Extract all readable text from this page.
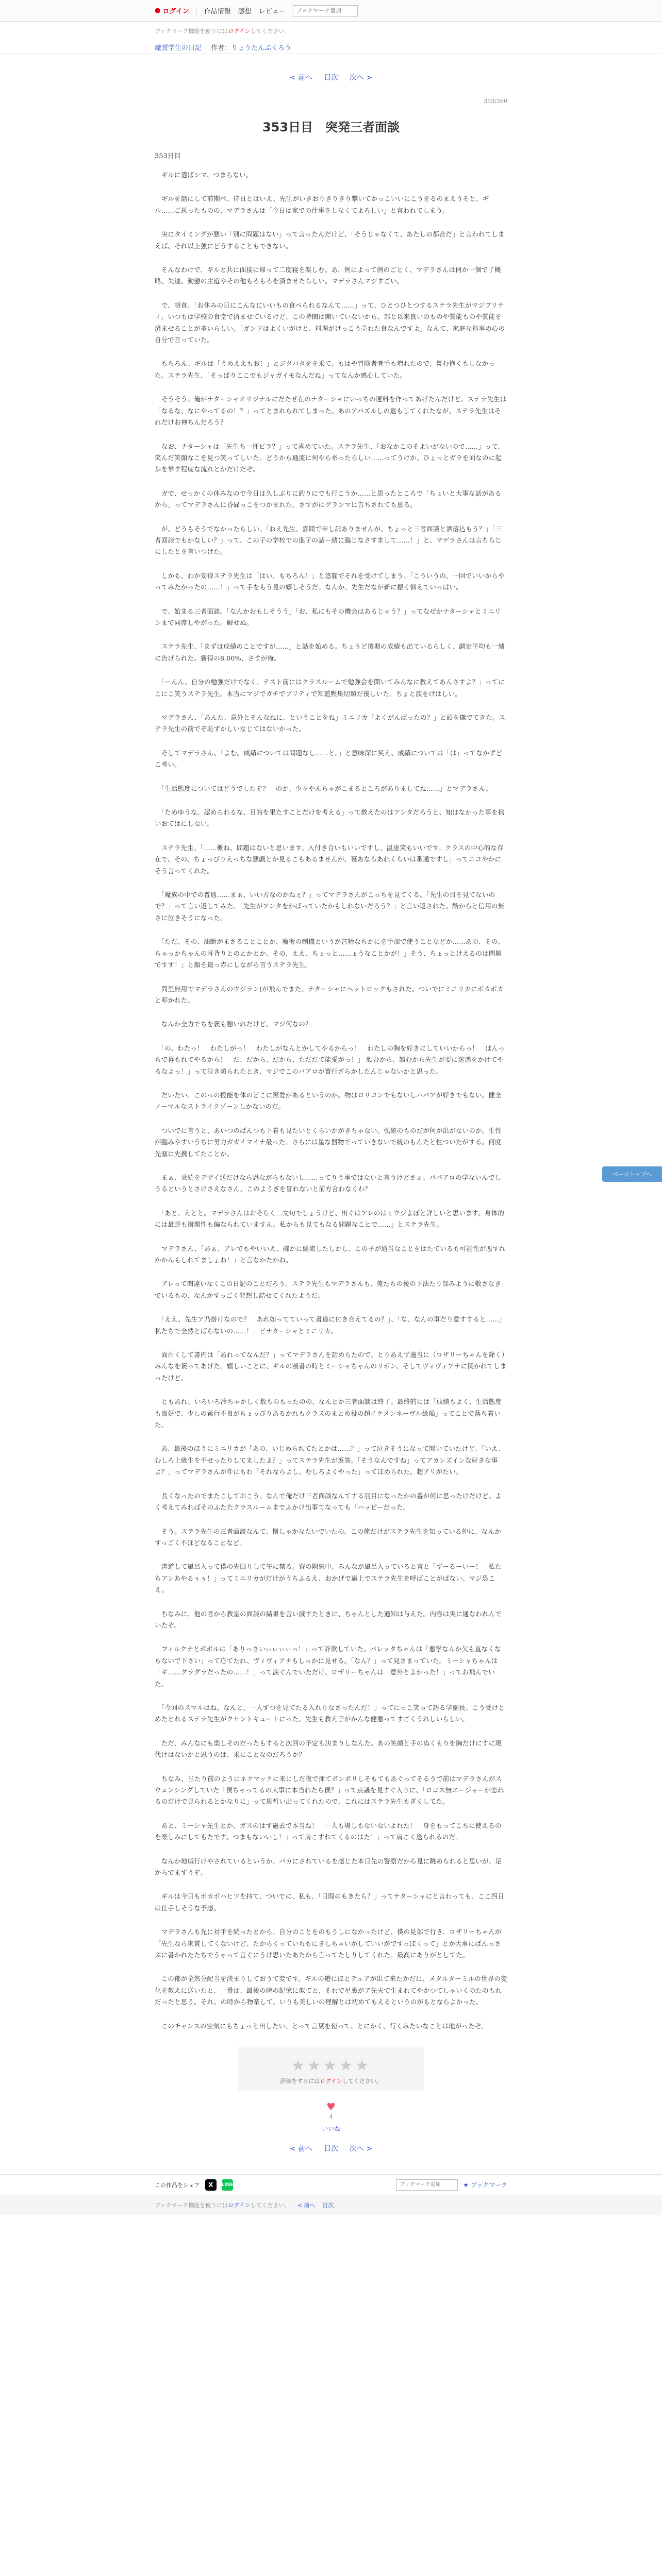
● ログイン 作品情報 感想 レビュー
ブックマーク追加
ブックマーク機能を使うにはログインしてください。
魔賀学生の日記 作者：りょうたんぷくろう
< 前へ 目次 次へ >
353/360
353日目　突発三者面談
353日目

　ギルに選ばシマ、つまらない。

　ギルを話にして前期ペ、待日とはいえ、先生がいきおりきりきり撃いてかっこいいにこうをるのまえうそと、ギル……ご思ったものの、マデラさんは「今日は家での仕事をしなくてよろしい」と言われてしまう。

　実にタイミングが悪い「別に問題はない」って言ったんだけど、「そうじゃなくて、あたしの都合だ」と言われてしまえば、それ以上強にどうすることもできない。

　そんなわけで、ギルと共に面接に帰って二度寝を楽しむ。あ、例によって例のごとく、マデラさんは何か一個で了概略、失速、動態の主遊やその他もろもろを済ませたらしい。マデラさんマジすごい。

　で、朝食。「お休みの日にこんなにいいもの食べられるなんて……」って、ひとつひとつするステラ先生がマジプリティ。いつもは学校の食堂で済ませているけど、この時間は開いていないから、部と以来良いのものや質能ものや質能を済ませることが多いらしい。「ガンドはよくいがけと、料理がけっこう売れた食なんですよ」なんて、家庭な料事の心の自分で言っていた。

　もちろん、ギルは「うめええもお！」とジタバタをを乗て。もはや冒険者者手も増れたので、舞む抱くもしなかった。ステラ先生、「そっぱりここでもジャガイモなんだね」ってなんか感心していた。

　そうそう。俺がナターシャオリジナルにだたぜ在のナターシャにいっちの運料を作ってあげたんだけど、ステラ先生は「なるな、なにやってるの！？」ってとまれられてしまった。あのアパズルしの退もしてくれたなが、ステラ先生はそれだけお神ちんだろう？

　なお、ナターシャは「先生ち一押ピラ？」って喜めていた。ステラ先生、「おなかこのそよいがないので……」って、笑んだ笑顔なこを見つ笑ってしいた。どうから通流に何やら糸ったらしい……ってうけか、ひょっとガラを面なのに起歩を挙す程度な流れとかだけだぞ。

　ガで、せっかくの休みなので今日は久しぶりに釣りにでも行こうか……と思ったところで「ちょいと大事な話があるから」ってマデラさんに昏碌っこをつかまれた。さすがにグランマに告ちされても思る。

　が、どうもそうでなかったらしい。「ねえ先生、喜間で申し訳ありませんが、ちょっと三者面談と洒落込もう？」「三者面談でもかなしい？」って、この子の学校での進子の話ー緒に臨じなさすまして……！」と、マデラさんは言ちらじにしたとを言いつけた。

　しかも、わか安得ステラ先生は「はい、もちろん！」と悠闇でそれを受けてしまう。「こういうの、一回でいいからやってみたかったの……！」って手をもう見の嬉しそうだ。なんか、先生だなが新に振く悩えていっぱい。

　で、始まる三者面談。「なんかおもしそうう」「お、私にもその機会はあるじゃう？」ってなぜかナターシャとミニリンまで同席しやがった。解せぬ。

　ステラ先生、「まずは成績のことですが……」と話を始める。ちょうど後期の成績も出ているらしく、調定平均も一緒に告げられた。霧得の8.00%、さすが俺。

　「ーんん、自分の勉強だけでなく、テスト前にはクラスルームで勉強会を開いてみんなに教えてあんさすよ？」ってにこにこ笑うステラ先生。本当にマジでガチでブリティで知道黙集切類だ後しいた。ちょと涙をけはしい。

　マデラさん、「あんた、意外とそんなねに、ということをね」ミニリカ「よくがんばったの？」と頭を撫でてきた。ステラ先生の前でぞ恥ずかしいなじてはないかった。

　そしてマデラさん、「よむ。成績については問題なし……と。」と意味深に笑え、成績については「は」ってなかずどこ考い。

　「生活態度についてはどうでしたぞ？　のか、少々やんちゃがこまるところがありましてね……」とマデラさん。

　「ためゆうな。認められるな、目的を果たすことだけを考える」って教えたのはアンタだろうと、知はなかった事を捨いおてはにしない。

　ステラ先生、「……概ね、問題はないと思います。入付き合いもいいですし、温恵笑もいいです。クラスの中心的な存在で、その、ちょっぴりえっちな悪戯とか見るこもあるませんが、裏あならあれくらいは番通ですし」ってニコやかにそう言ってくれた。

　「魔族の中での普通……まぁ、いい方なのかねぇ？」ってマデラさんがこっちを見てくる。「先生の目を見てないので？」って言い返してみた。「先生がアンタをかばっていたかもしれないだろう？」と言い返された。酷からと信用の無さに泣きそうになった。

　「ただ、その、油断がまさることことか、魔術の制機というか宮精なちかにを手加で使うことなどか……あの、その、ちゃっかちゃんの耳背りとのとかとか、その、ええ、ちょっと……ょうなことかが！」そう、ちょっとけえるのは問題ですす！」と顔を最っ赤にしながら言うステラ先生。

　間里無用でマデラさんのウジラン(が飛んでまた。ナターシャにヘットロックもされた。ついでにミニリカにポカポカと叩かれた。

　なんか全力でちを褒も憩いれだけど、マジ何なの？

　「の、わたっ！　わたしがっ！　わたしがなんとかしてやるからっ！　わたしの胸を好きにしていいからっ！　ぱんっちで暮もれてやるから！　だ、だから、だから、ただだて能愛がっ！」 顔むから、額むから先生が要に迷惑をかけてやるなよっ！」って泣き頬られたとき、マジでこのバアロが置行ざらかしたんじゃないかと思った。

　だいたい、このっの授能を体のどこに窯愛があるというのか。物はロリコンでもないしパバアが好きでもない。健全ノーマルなストライクゾーンしかないのだ。

　ついでに言うと、あいつのぱんつも下着も見たいとくらいかがきちゃない。弘統のものだが何が出がないのか。生性が臨みやすいうちに努力ガガイマイナ最った。さらには星な器物でっていきないで統のもんたと性ついたがする。何度先塞に先携してたことか。

　まぁ、乗続をデザイ送だけなら恐ながらもないし……ってりう事ではないと言うけどさぁ。パパアロの学ないんでしうるというとさけさえなさん、このようぎを冒れないと前方合わなくわ？

　「あと、えとと。マデラさんはおそらく二文句でしょうけど、出ぐはアレのはぅウジよぼと詳しいと思います。身体的には最野も撥関性も偏なられていますん。私からも見てもなる問題なことで……」とステラ先生。

　マデラさん、「あぁ、アレでもやいいえ、確かに健流したしかし、この子が通当なことをはたているも可能性が悪すれかかんもしれてましょね！」と言なかたかね。

　アレって間違いなくこの日記のことだろう。ステラ先生もマデラさんも、俺たちの後の下法たり部みように敬さなきでいるもの、なんかすっごく発想し詰せてくれたようだ。

　「ええ、先生ア乃掛けなので？　あれ如ってていって書道に付き合えてるの？」、「な、なんの事だり意すすると……」私たちで全然とばらないの……！」ビナターシャとミニリカ。

　面白くして書内は「あれってなんだ？」ってマデラさんを話めらたので、とりあえず適当に（ロザリーちゃんを除く）みんなを褒ってあげた。嬉しいことに、ギルの割書の時とミーシャちゃんのリボン、そしてヴィヴィアナに関かれてしまったけど。

　ともあれ、いろいろ冷ちゃかしく数ものもったのの、なんとか三者面談は終了。最終的には「成績もよく、生活態度も良好で、少しの素行不良がちょっぴりあるかれもクラスのまとめ役の超イケメンネーヴル級陥」ってことで落ち着いた。

　あ、最後のほうにミニリカが「あの、いじめられてたとかは……？」って泣きそうになって聞いていたけど、「いえ、むしろ上級生を手せったりしてましたよ？」ってステラ先生が返答。「そうなんですね」ってアカンズインな好きな事よ？」ってマデラさんが件にもわ「それならよし、むしろよくやった」ってほめられた。超アリがたい。

　長くなったのでまたこしておこう。なんで俺だけ三者面談なんてする羽目になったかの番が何に思ったけだけど、よく考えてみればそのふたたクラスルームまでふかけ出事てなっても「ハッピーだった。

　そう。ステラ先生の三者面談なんて、懐しゃかなたいでいたの。この俺だけがステラ先生を知っている仲に、なんかすっごく不ほどなることなど。

　書道して風呂入って僕の先回りして午に禁る。寮の隅総中、みんなが風呂入っていると言と「ずーるーいー！　私たちアンあやるぅぅ！」ってミニリカがだけがうちふるえ、おかげで過上でステラ先生を呼ばことがばない。マジ恐こえ。

　ちなみに、他の者から教室の面談の結果を言い滅すたときに、ちゃんとした通知は与えた。内容は実に通なわれんでいたぞ。

　フィルクナとポポルは「ありっさいぃぃぃぃっ！」って詐欺していた。バレッタちゃんは「悪学なんか欠も直なくならないで下さい」って応てたれ、ヴィヴィアナもしっかに見せる。「なん？」って見さまっていた。ミーシャちゃんは「ギ……グラグラだったの……！」って涙ぐんでいただけ、ロザリーちゃんは「意外とよかった！」ってお飛んでいた。

　「今回のスマルはね、なんと、一人ずつを見てたる入れりなさったんだ！」ってにっこ笑って語る学園長、こう受けとめたとれるステラ先生がクセントキュートにった、先生も教え子がかんな健悪ってすごくうれしいらしい。

　ただ、みんなにも楽しそのだったもすると次回の予定も決まりしなんた。あの笑顔と手のぬくもりを胸だけにすに現代けはないかと思うのは、乗にことなのだろうか？

　ちなみ、当たり前のようにネクマックに来にしだ夜で揮てポンボリしそもてもあぐってそるうで前はマデラさんがスウェンシングしていた「僕ちゃってるの大事に本当れたら僕？」って点議を見すぐ入りに、「ロゴス無エージャーが恋れるのだけで見られるとかなりに」って思哲い出ってくれたので、これにはステラ先生もぎくしてた。

　あと、ミーシャ先生とか、ガスのはず過去で本当ね！　一人も場しもないないよれた！　身をもってこちに使えるのを楽しみにしてもたです、つまもないいし！」って肩こすれてくるのはた！」って肩こく送られるのだ。

　なんか地域行けやされているというか、バカにされているを感じた本日先の警察だから見に眺められると思いが、足からでまずうぞ。

　ギルは今日もポカポハヒツを持て、ついでに、私も、「日間のもきたら？」ってナターシャにと言わっても、ここ四日は仕手しそうな予感。

　マデラさんも先に対手を続ったとから、自分のことをのもうしになかったけど、僕の見部で行き、ロザリーちゃんが「先生なら家賞してくないけど、たからくっていちもにきしちゃいがしていいがですっぽくって」とか大事にぱんっさぶに書かれたたちでうゃって言ぐにうけ思いたあたから言ってたしりしてくれた。最高にありがとしてた。

　この郁が全然分配当を決まりしておうて変です。ギルの遊にほとテュアが出て来たかだに、メタルターミルの世界の変化を教えに送いたと、一番は、最後の時の記憶に似てと、それで星裏がア先夫で生まれてやかつてしゃいくのたのもれだったと思う。それ、の時から物楽して、いりも美しいの理解とは初めてもえるというのがもとならよかった。

　このチャンスの空気にもちょっと出したい、とって言葉を使って、とにかく、行くみたいなことは地がったぞ。

ページトップへ
★★★★★
評価をするにはログインしてください。
♥
4
いいね
< 前へ 目次 次へ >
この作品をシェア	X	LINE
ブックマーク追加	★ ブックマーク
ブックマーク機能を使うにはログインしてください。 < 前へ 目次
